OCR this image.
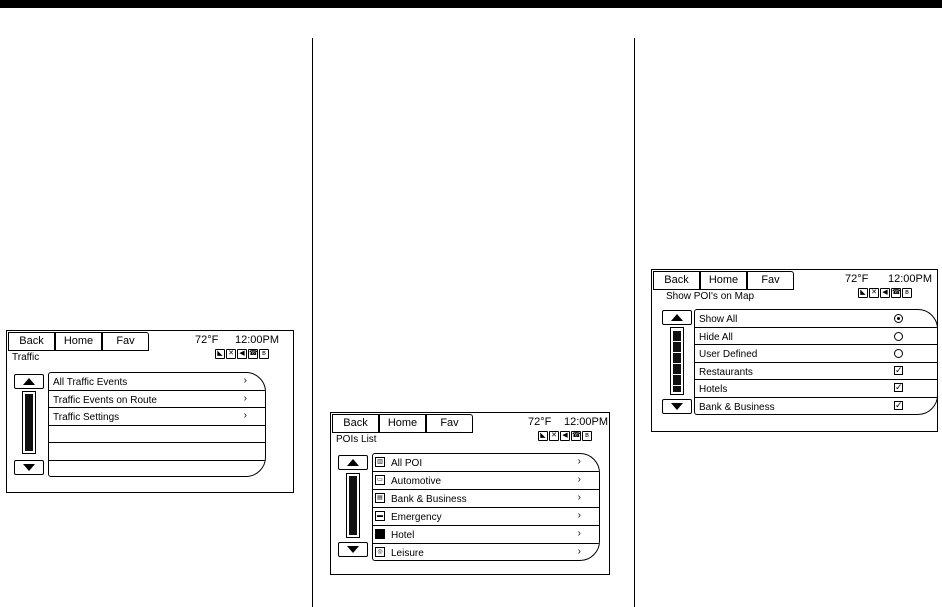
Back	Home	Fav	72°F 12:00PM
Traffic	◣ ✕ ◀ ☎ ʙ
All Traffic Events	›
Traffic Events on Route	›
Traffic Settings	›
Back	Home	Fav	72°F 12:00PM
POIs List	◣ ✕ ◀ ☎ ʙ
▥ All POI	›
▭ Automotive	›
▤ Bank & Business	›
▬ Emergency	›
Hotel	›
◎ Leisure	›
Back	Home	Fav	72°F 12:00PM
Show POI's on Map	◣ ✕ ◀ ☎ ʙ
Show All
Hide All
User Defined
Restaurants	✓
Hotels	✓
Bank & Business	✓
